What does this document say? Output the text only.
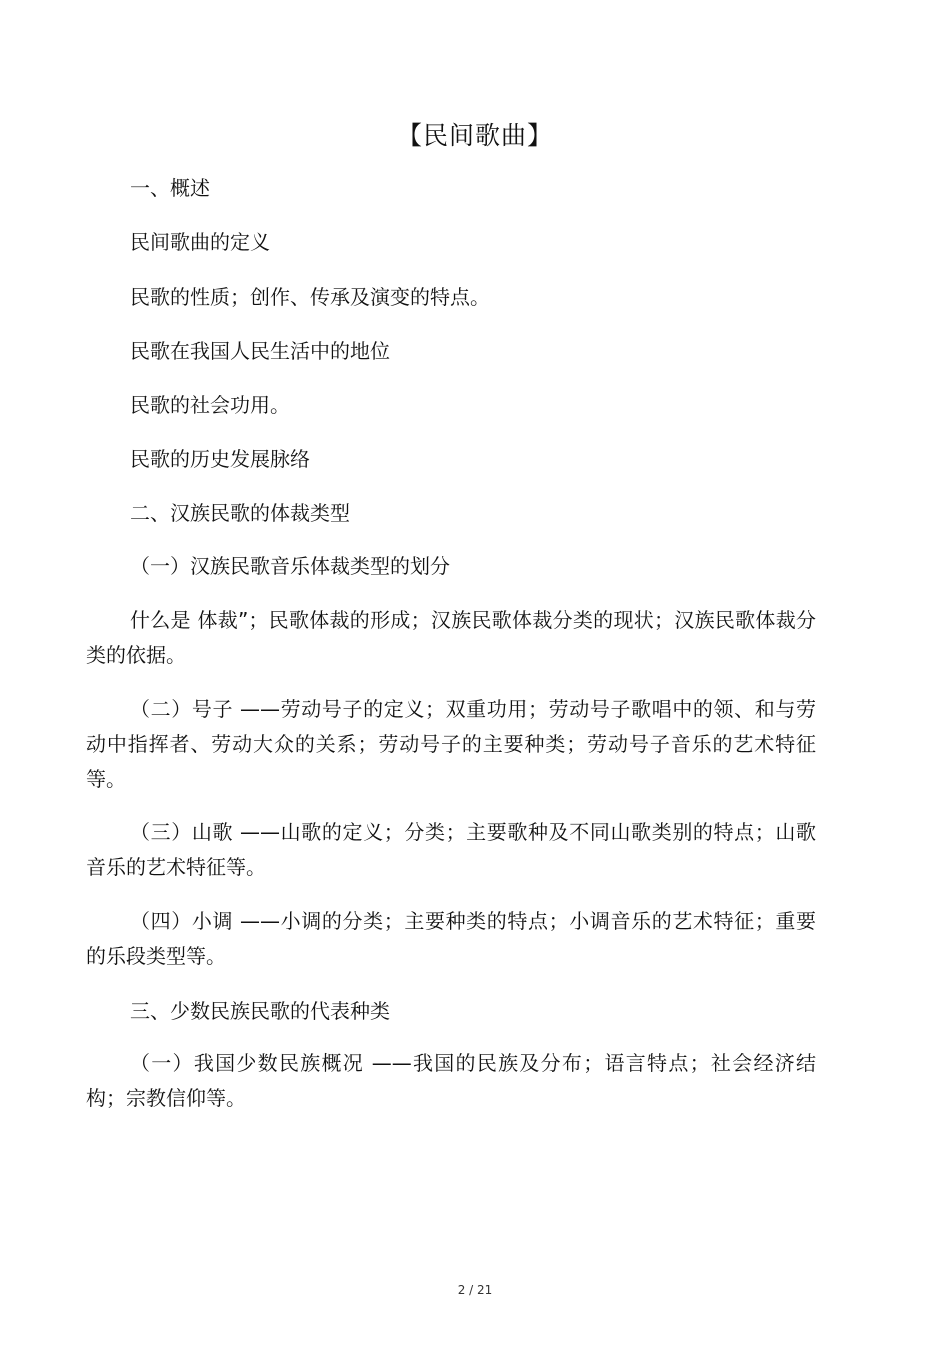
【民间歌曲】
一、概述
民间歌曲的定义
民歌的性质；创作、传承及演变的特点。
民歌在我国人民生活中的地位
民歌的社会功用。
民歌的历史发展脉络
二、汉族民歌的体裁类型
（一）汉族民歌音乐体裁类型的划分
什么是 体裁”；民歌体裁的形成；汉族民歌体裁分类的现状；汉族民歌体裁分类的依据。
（二）号子 ——劳动号子的定义；双重功用；劳动号子歌唱中的领、和与劳动中指挥者、劳动大众的关系；劳动号子的主要种类；劳动号子音乐的艺术特征等。
（三）山歌 ——山歌的定义；分类；主要歌种及不同山歌类别的特点；山歌音乐的艺术特征等。
（四）小调 ——小调的分类；主要种类的特点；小调音乐的艺术特征；重要的乐段类型等。
三、少数民族民歌的代表种类
（一）我国少数民族概况 ——我国的民族及分布；语言特点；社会经济结构；宗教信仰等。
2 / 21
